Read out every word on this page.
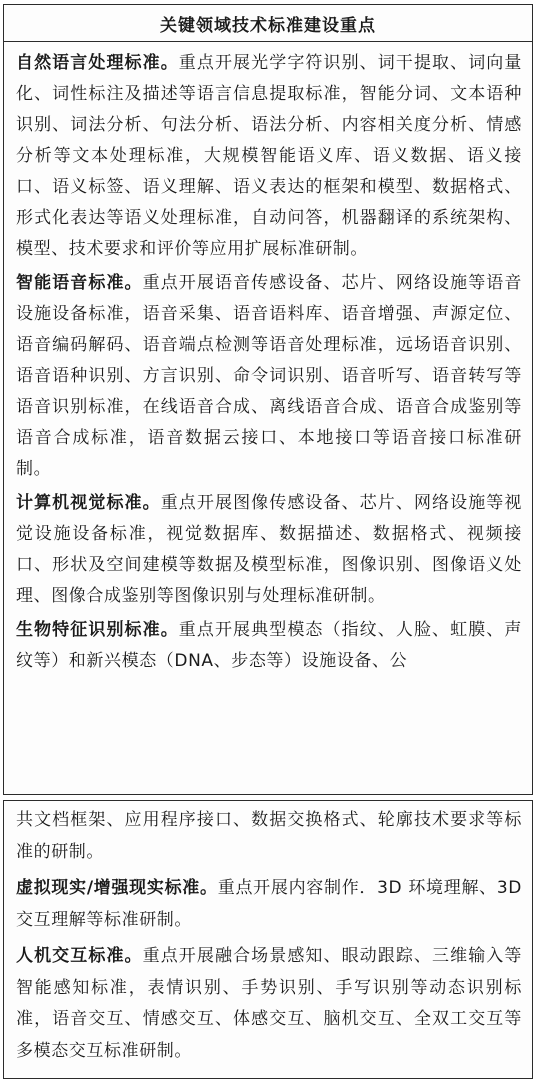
关键领域技术标准建设重点

自然语言处理标准。重点开展光学字符识别、词干提取、词向量化、词性标注及描述等语言信息提取标准，智能分词、文本语种识别、词法分析、句法分析、语法分析、内容相关度分析、情感分析等文本处理标准，大规模智能语义库、语义数据、语义接口、语义标签、语义理解、语义表达的框架和模型、数据格式、形式化表达等语义处理标准，自动问答，机器翻译的系统架构、模型、技术要求和评价等应用扩展标准研制。

智能语音标准。重点开展语音传感设备、芯片、网络设施等语音设施设备标准，语音采集、语音语料库、语音增强、声源定位、语音编码解码、语音端点检测等语音处理标准，远场语音识别、语音语种识别、方言识别、命令词识别、语音听写、语音转写等语音识别标准，在线语音合成、离线语音合成、语音合成鉴别等语音合成标准，语音数据云接口、本地接口等语音接口标准研制。

计算机视觉标准。重点开展图像传感设备、芯片、网络设施等视觉设施设备标准，视觉数据库、数据描述、数据格式、视频接口、形状及空间建模等数据及模型标准，图像识别、图像语义处理、图像合成鉴别等图像识别与处理标准研制。

生物特征识别标准。重点开展典型模态（指纹、人脸、虹膜、声纹等）和新兴模态（DNA、步态等）设施设备、公

共文档框架、应用程序接口、数据交换格式、轮廓技术要求等标准的研制。

虚拟现实/增强现实标准。重点开展内容制作．3D 环境理解、3D 交互理解等标准研制。

人机交互标准。重点开展融合场景感知、眼动跟踪、三维输入等智能感知标准，表情识别、手势识别、手写识别等动态识别标准，语音交互、情感交互、体感交互、脑机交互、全双工交互等多模态交互标准研制。
